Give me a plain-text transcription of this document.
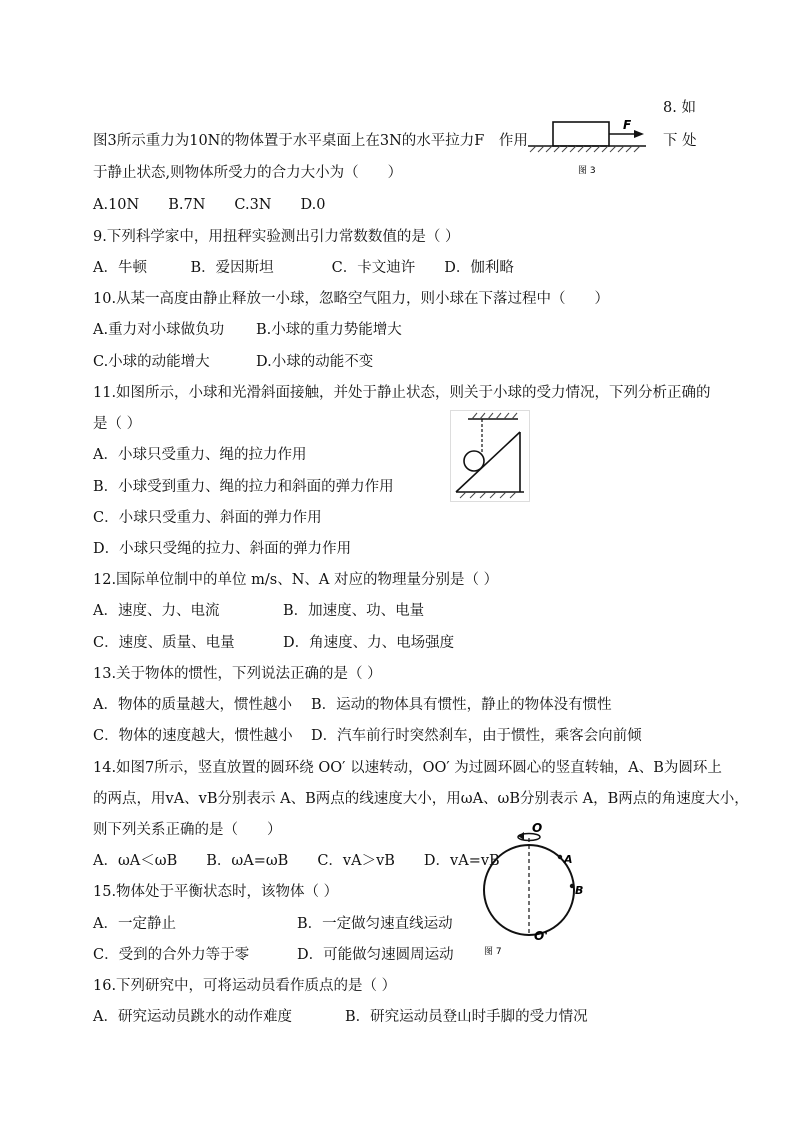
8. 如
图3所示重力为10N的物体置于水平桌面上在3N的水平拉力F　作用	下 处
于静止状态,则物体所受力的合力大小为（　　）
A.10N　　B.7N　　C.3N　　D.0
F
图 3
9.下列科学家中，用扭秤实验测出引力常数数值的是（ ）
A．牛顿　　　B．爱因斯坦　　　　C．卡文迪许　　D．伽利略
10.从某一高度由静止释放一小球，忽略空气阻力，则小球在下落过程中（　　）
A.重力对小球做负功 B.小球的重力势能增大
C.小球的动能增大	D.小球的动能不变
11.如图所示，小球和光滑斜面接触，并处于静止状态，则关于小球的受力情况，下列分析正确的
是（ ）
A．小球只受重力、绳的拉力作用
B．小球受到重力、绳的拉力和斜面的弹力作用
C．小球只受重力、斜面的弹力作用
D．小球只受绳的拉力、斜面的弹力作用
12.国际单位制中的单位 m/s、N、A 对应的物理量分别是（ ）
A．速度、力、电流	B．加速度、功、电量
C．速度、质量、电量	D．角速度、力、电场强度
13.关于物体的惯性，下列说法正确的是（ ）
A．物体的质量越大，惯性越小 B．运动的物体具有惯性，静止的物体没有惯性
C．物体的速度越大，惯性越小 D．汽车前行时突然刹车，由于惯性，乘客会向前倾
14.如图7所示，竖直放置的圆环绕 OO′ 以速转动，OO′ 为过圆环圆心的竖直转轴，A、B为圆环上
的两点，用vA、vB分别表示 A、B两点的线速度大小，用ωA、ωB分别表示 A，B两点的角速度大小，
则下列关系正确的是（　　）
A．ωA＜ωB　　B．ωA=ωB　　C．vA＞vB　　D．vA=vB
O
A
B
O'
图 7
15.物体处于平衡状态时，该物体（ ）
A．一定静止	B．一定做匀速直线运动
C．受到的合外力等于零	D．可能做匀速圆周运动
16.下列研究中，可将运动员看作质点的是（ ）
A．研究运动员跳水的动作难度	B．研究运动员登山时手脚的受力情况
